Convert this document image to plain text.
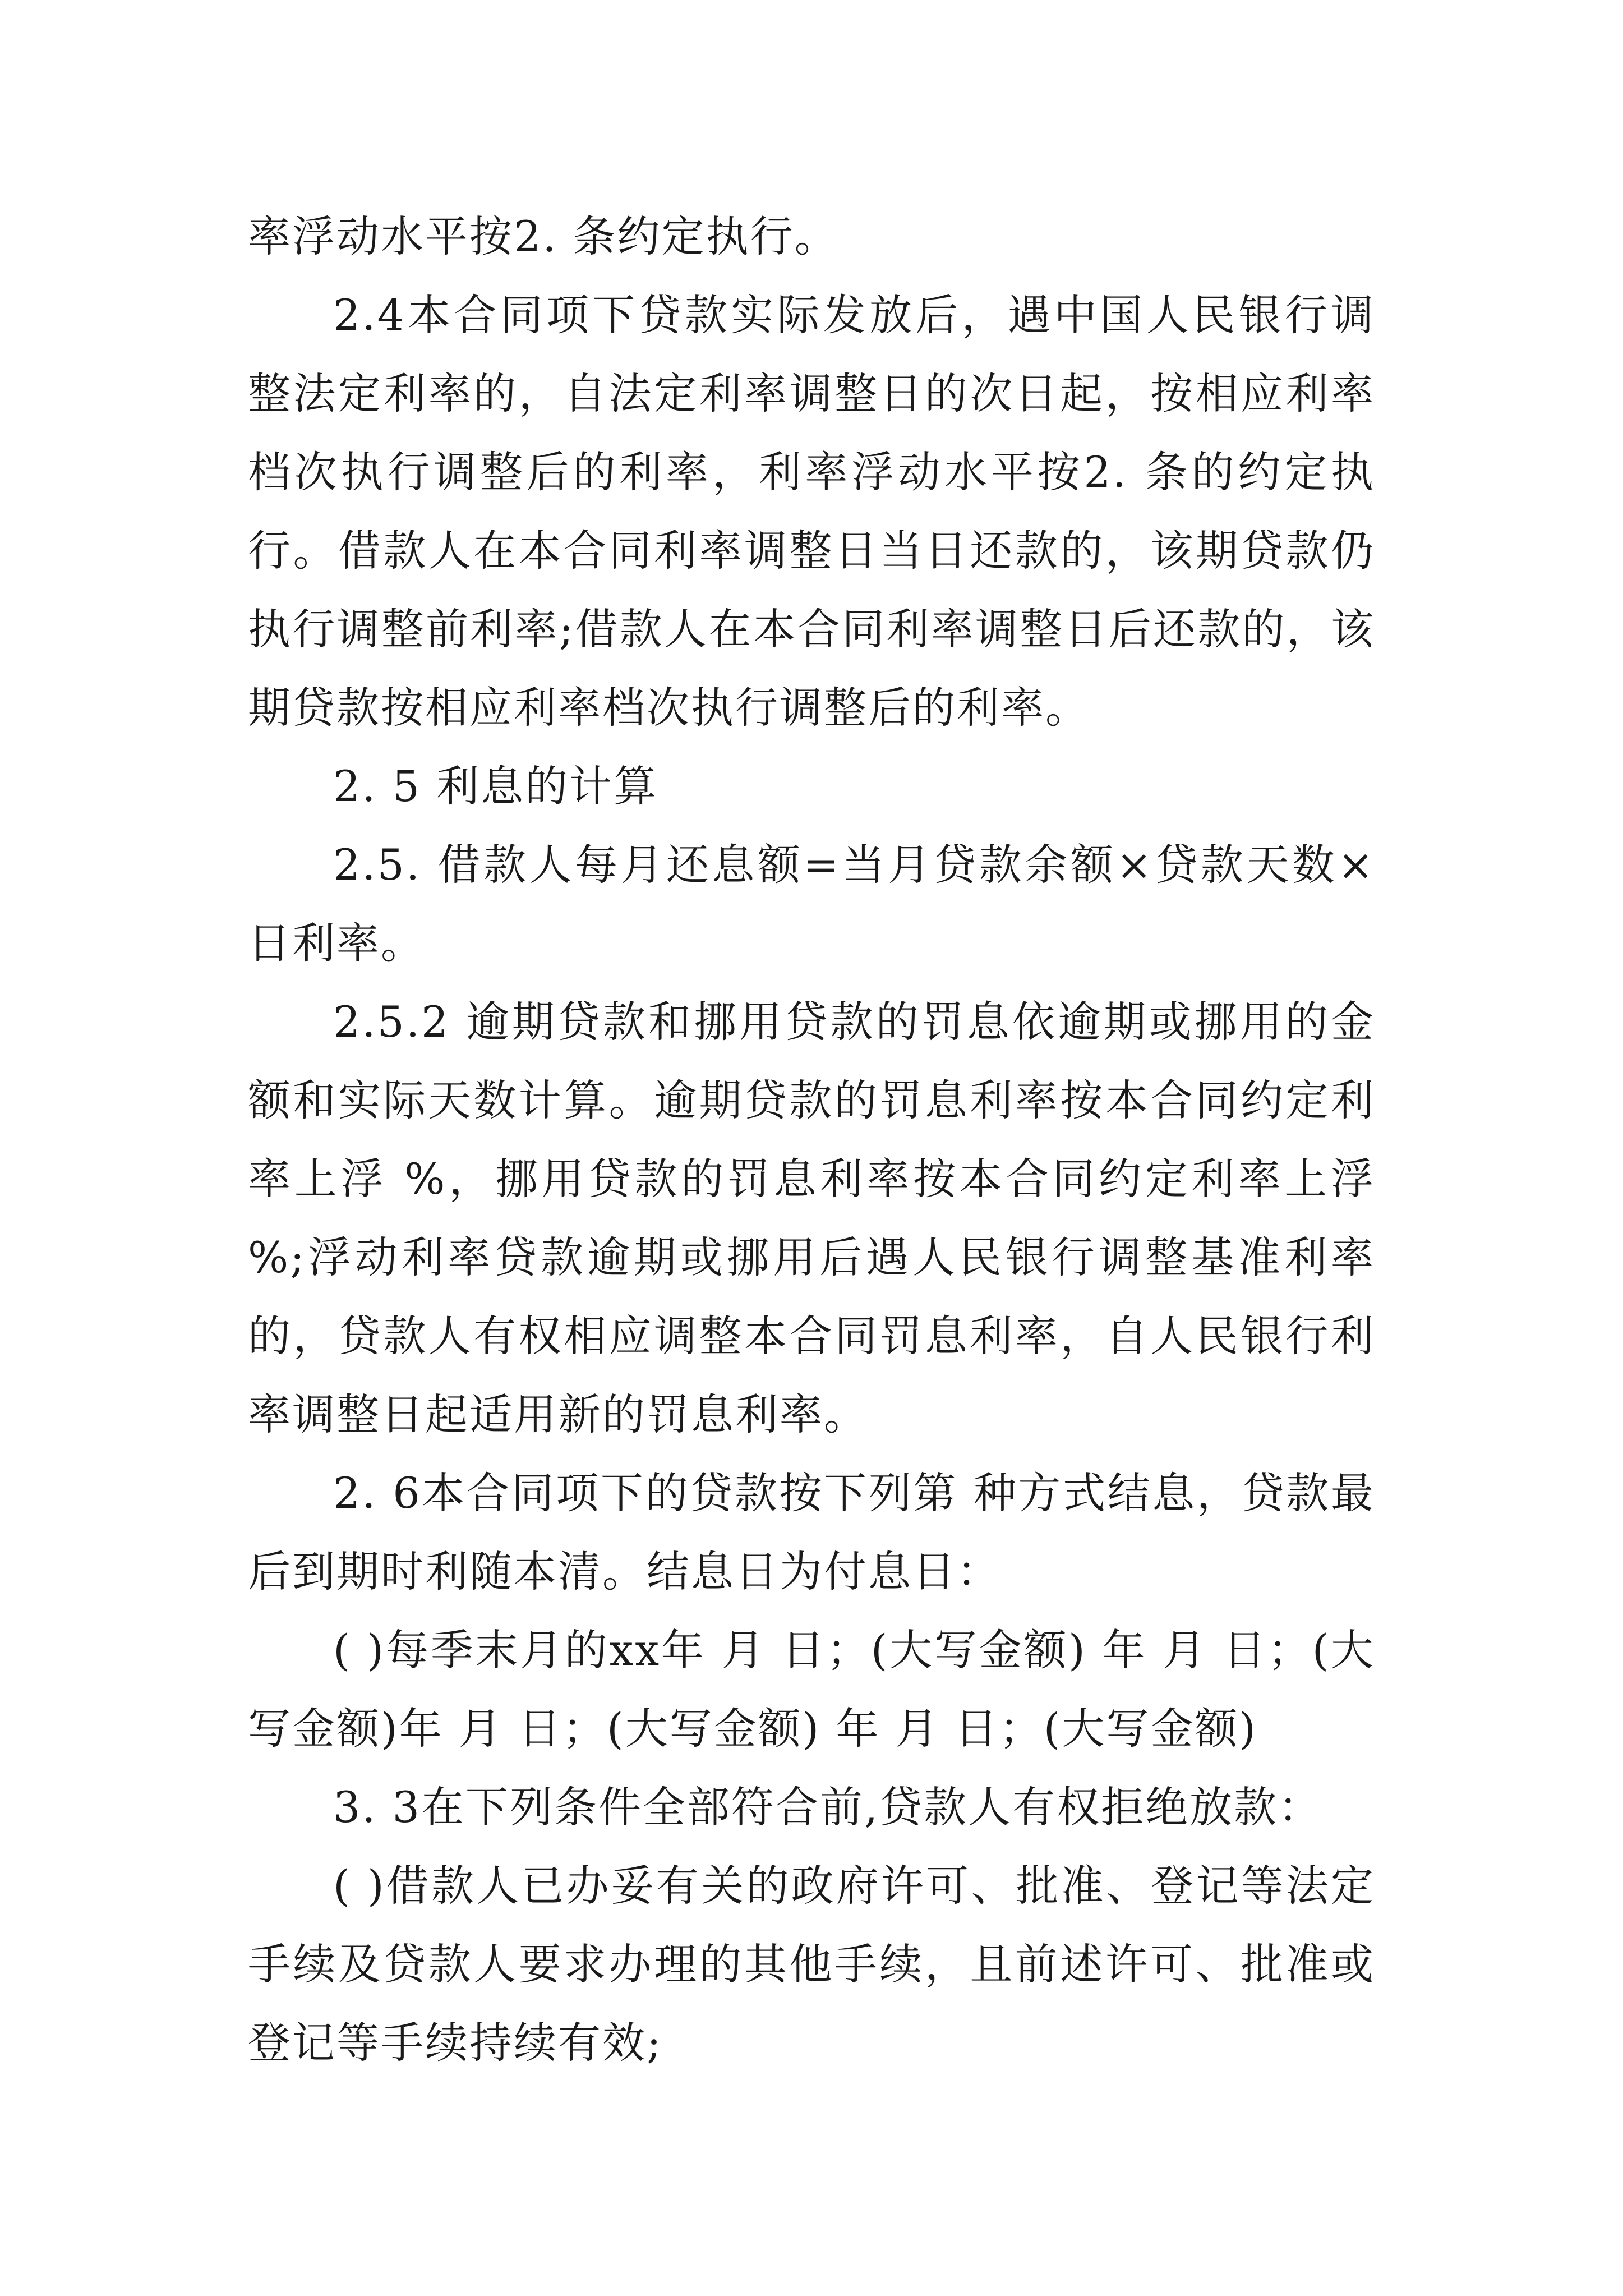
率浮动水平按2. 条约定执行。

2.4本合同项下贷款实际发放后，遇中国人民银行调整法定利率的，自法定利率调整日的次日起，按相应利率档次执行调整后的利率，利率浮动水平按2. 条的约定执行。借款人在本合同利率调整日当日还款的，该期贷款仍执行调整前利率;借款人在本合同利率调整日后还款的，该期贷款按相应利率档次执行调整后的利率。

2. 5 利息的计算

2.5. 借款人每月还息额=当月贷款余额×贷款天数×日利率。

2.5.2 逾期贷款和挪用贷款的罚息依逾期或挪用的金额和实际天数计算。逾期贷款的罚息利率按本合同约定利率上浮 %，挪用贷款的罚息利率按本合同约定利率上浮 %;浮动利率贷款逾期或挪用后遇人民银行调整基准利率的，贷款人有权相应调整本合同罚息利率，自人民银行利率调整日起适用新的罚息利率。

2. 6本合同项下的贷款按下列第 种方式结息，贷款最后到期时利随本清。结息日为付息日：

( )每季末月的xx年 月 日；(大写金额) 年 月 日；(大写金额)年 月 日；(大写金额) 年 月 日；(大写金额)

3. 3在下列条件全部符合前,贷款人有权拒绝放款：

( )借款人已办妥有关的政府许可、批准、登记等法定手续及贷款人要求办理的其他手续，且前述许可、批准或登记等手续持续有效;
